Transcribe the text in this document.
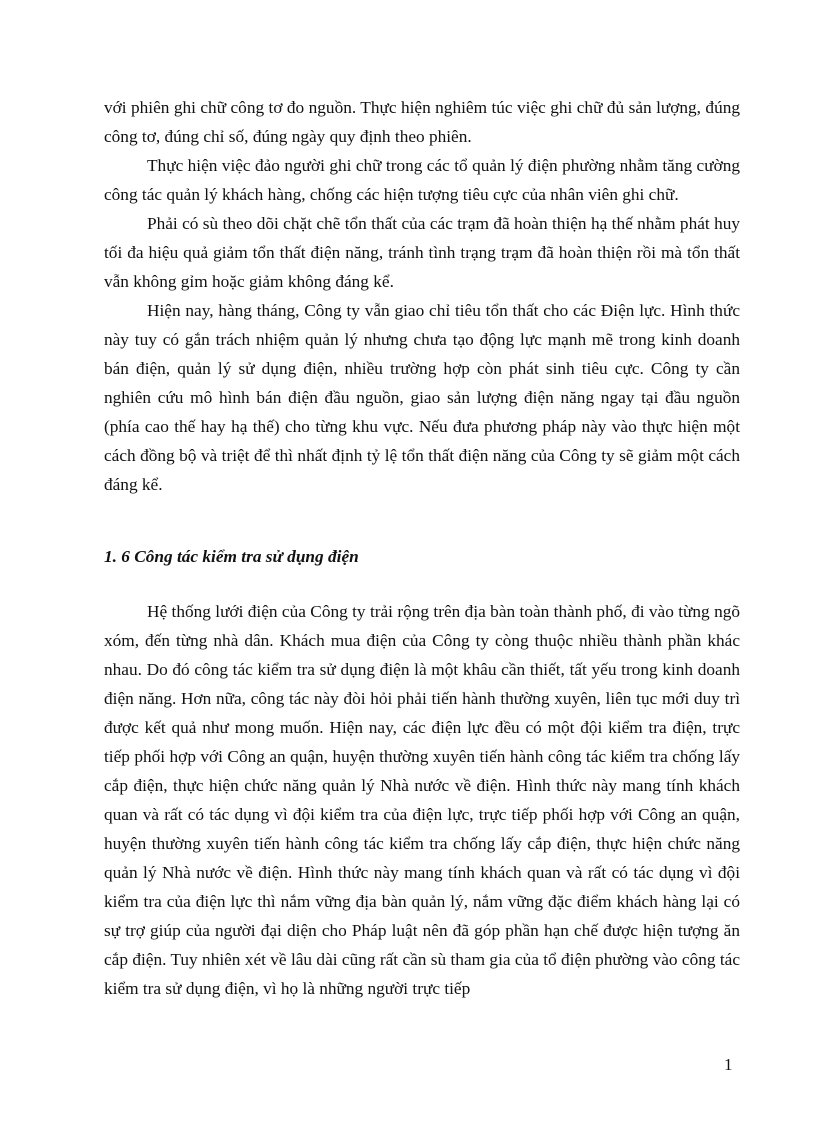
với phiên ghi chữ công tơ đo nguồn. Thực hiện nghiêm túc việc ghi chữ đủ sản lượng, đúng công tơ, đúng chỉ số, đúng ngày quy định theo phiên.

Thực hiện việc đảo người ghi chữ trong các tổ quản lý điện phường nhằm tăng cường công tác quản lý khách hàng, chống các hiện tượng tiêu cực của nhân viên ghi chữ.

Phải có sù theo dõi chặt chẽ tổn thất của các trạm đã hoàn thiện hạ thế nhằm phát huy tối đa hiệu quả giảm tổn thất điện năng, tránh tình trạng trạm đã hoàn thiện rồi mà tổn thất vẫn không gỉm hoặc giảm không đáng kể.

Hiện nay, hàng tháng, Công ty vẫn giao chỉ tiêu tổn thất cho các Điện lực. Hình thức này tuy có gắn trách nhiệm quản lý nhưng chưa tạo động lực mạnh mẽ trong kinh doanh bán điện, quản lý sử dụng điện, nhiều trường hợp còn phát sinh tiêu cực. Công ty cần nghiên cứu mô hình bán điện đầu nguồn, giao sản lượng điện năng ngay tại đầu nguồn (phía cao thế hay hạ thế) cho từng khu vực. Nếu đưa phương pháp này vào thực hiện một cách đồng bộ và triệt để thì nhất định tỷ lệ tổn thất điện năng của Công ty sẽ giảm một cách đáng kể.

1. 6 Công tác kiểm tra sử dụng điện

Hệ thống lưới điện của Công ty trải rộng trên địa bàn toàn thành phố, đi vào từng ngõ xóm, đến từng nhà dân. Khách mua điện của Công ty còng thuộc nhiều thành phần khác nhau. Do đó công tác kiểm tra sử dụng điện là một khâu cần thiết, tất yếu trong kinh doanh điện năng. Hơn nữa, công tác này đòi hỏi phải tiến hành thường xuyên, liên tục mới duy trì được kết quả như mong muốn. Hiện nay, các điện lực đều có một đội kiểm tra điện, trực tiếp phối hợp với Công an quận, huyện thường xuyên tiến hành công tác kiểm tra chống lấy cắp điện, thực hiện chức năng quản lý Nhà nước về điện. Hình thức này mang tính khách quan và rất có tác dụng vì đội kiểm tra của điện lực, trực tiếp phối hợp với Công an quận, huyện thường xuyên tiến hành công tác kiểm tra chống lấy cắp điện, thực hiện chức năng quản lý Nhà nước về điện. Hình thức này mang tính khách quan và rất có tác dụng vì đội kiểm tra của điện lực thì nắm vững địa bàn quản lý, nắm vững đặc điểm khách hàng lại có sự trợ giúp của người đại diện cho Pháp luật nên đã góp phần hạn chế được hiện tượng ăn cắp điện. Tuy nhiên xét về lâu dài cũng rất cần sù tham gia của tổ điện phường vào công tác kiểm tra sử dụng điện, vì họ là những người trực tiếp

1
